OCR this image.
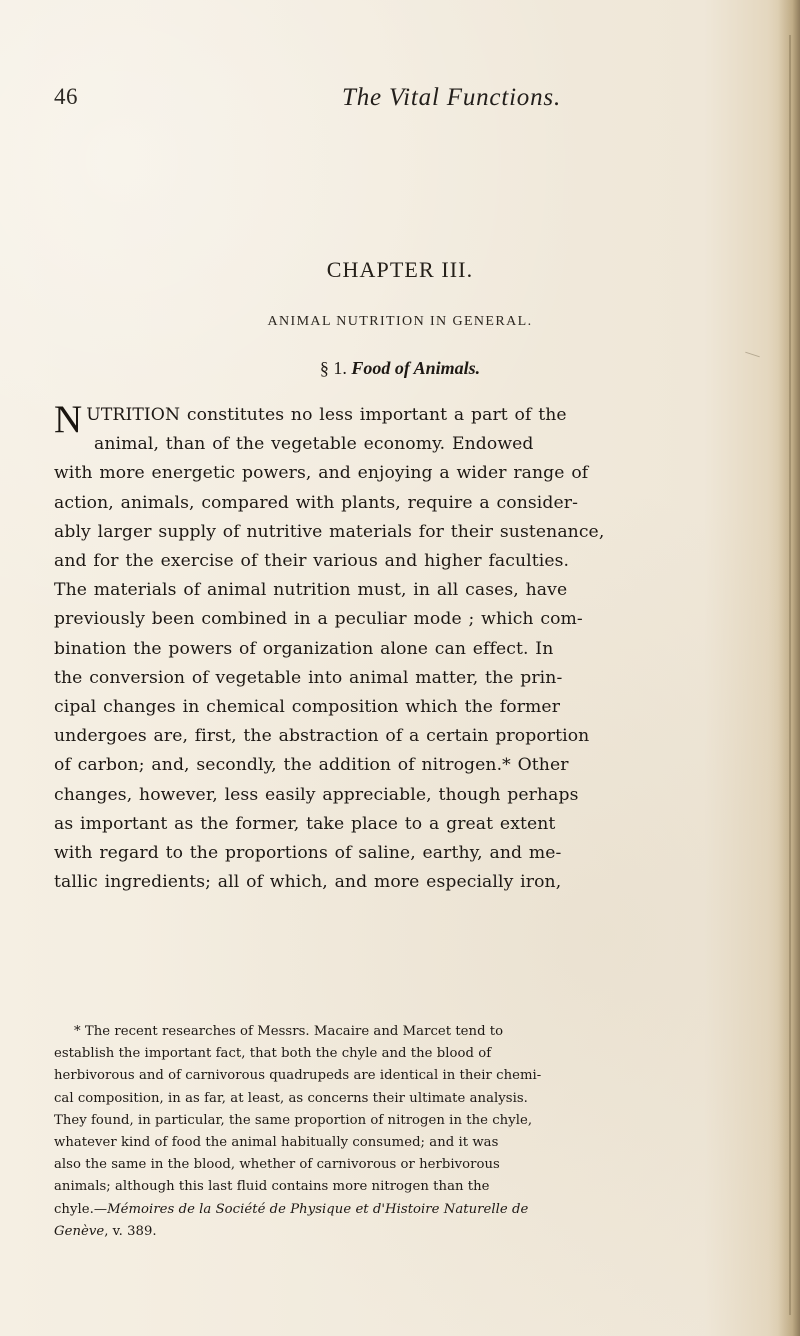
46	The Vital Functions.
CHAPTER III.
ANIMAL NUTRITION IN GENERAL.
§ 1. Food of Animals.
N UTRITION constitutes no less important a part of the
animal, than of the vegetable economy. Endowed
with more energetic powers, and enjoying a wider range of
action, animals, compared with plants, require a consider-
ably larger supply of nutritive materials for their sustenance,
and for the exercise of their various and higher faculties.
The materials of animal nutrition must, in all cases, have
previously been combined in a peculiar mode ; which com-
bination the powers of organization alone can effect. In
the conversion of vegetable into animal matter, the prin-
cipal changes in chemical composition which the former
undergoes are, first, the abstraction of a certain proportion
of carbon; and, secondly, the addition of nitrogen.* Other
changes, however, less easily appreciable, though perhaps
as important as the former, take place to a great extent
with regard to the proportions of saline, earthy, and me-
tallic ingredients; all of which, and more especially iron,
* The recent researches of Messrs. Macaire and Marcet tend to
establish the important fact, that both the chyle and the blood of
herbivorous and of carnivorous quadrupeds are identical in their chemi-
cal composition, in as far, at least, as concerns their ultimate analysis.
They found, in particular, the same proportion of nitrogen in the chyle,
whatever kind of food the animal habitually consumed; and it was
also the same in the blood, whether of carnivorous or herbivorous
animals; although this last fluid contains more nitrogen than the
chyle.—Mémoires de la Société de Physique et d'Histoire Naturelle de
Genève, v. 389.
